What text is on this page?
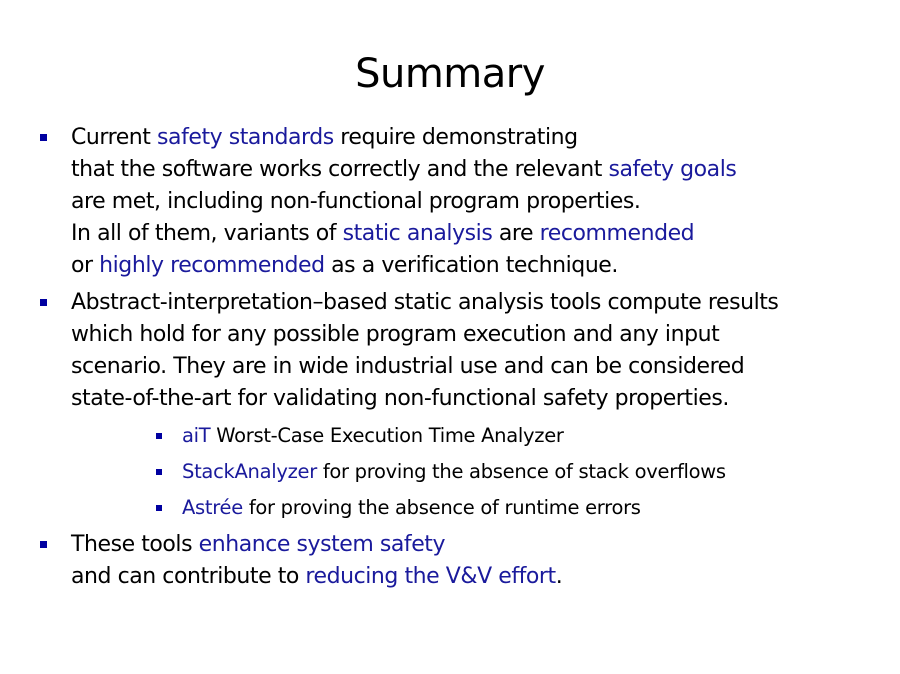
Summary
Current safety standards require demonstrating
that the software works correctly and the relevant safety goals
are met, including non-functional program properties.
In all of them, variants of static analysis are recommended
or highly recommended as a verification technique.
Abstract-interpretation–based static analysis tools compute results
which hold for any possible program execution and any input
scenario. They are in wide industrial use and can be considered
state-of-the-art for validating non-functional safety properties.
aiT Worst-Case Execution Time Analyzer
StackAnalyzer for proving the absence of stack overflows
Astrée for proving the absence of runtime errors
These tools enhance system safety
and can contribute to reducing the V&V effort.
